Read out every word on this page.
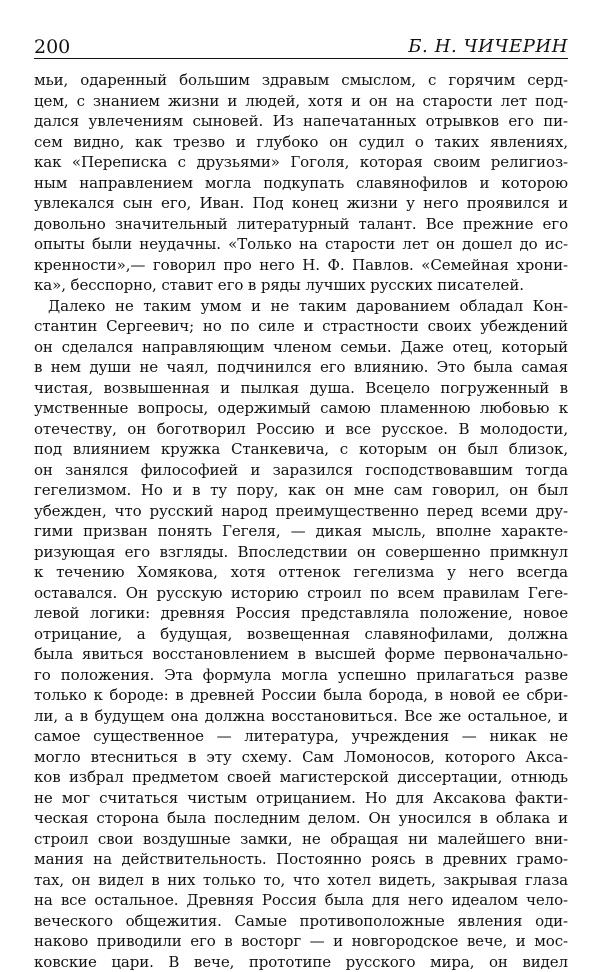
200	Б. Н. ЧИЧЕРИН
мьи, одаренный большим здравым смыслом, с горячим серд-
цем, с знанием жизни и людей, хотя и он на старости лет под-
дался увлечениям сыновей. Из напечатанных отрывков его пи-
сем видно, как трезво и глубоко он судил о таких явлениях,
как «Переписка с друзьями» Гоголя, которая своим религиоз-
ным направлением могла подкупать славянофилов и которою
увлекался сын его, Иван. Под конец жизни у него проявился и
довольно значительный литературный талант. Все прежние его
опыты были неудачны. «Только на старости лет он дошел до ис-
кренности»,— говорил про него Н. Ф. Павлов. «Семейная хрони-
ка», бесспорно, ставит его в ряды лучших русских писателей.
Далеко не таким умом и не таким дарованием обладал Кон-
стантин Сергеевич; но по силе и страстности своих убеждений
он сделался направляющим членом семьи. Даже отец, который
в нем души не чаял, подчинился его влиянию. Это была самая
чистая, возвышенная и пылкая душа. Всецело погруженный в
умственные вопросы, одержимый самою пламенною любовью к
отечеству, он боготворил Россию и все русское. В молодости,
под влиянием кружка Станкевича, с которым он был близок,
он занялся философией и заразился господствовавшим тогда
гегелизмом. Но и в ту пору, как он мне сам говорил, он был
убежден, что русский народ преимущественно перед всеми дру-
гими призван понять Гегеля, — дикая мысль, вполне характе-
ризующая его взгляды. Впоследствии он совершенно примкнул
к течению Хомякова, хотя оттенок гегелизма у него всегда
оставался. Он русскую историю строил по всем правилам Геге-
левой логики: древняя Россия представляла положение, новое
отрицание, а будущая, возвещенная славянофилами, должна
была явиться восстановлением в высшей форме первоначально-
го положения. Эта формула могла успешно прилагаться разве
только к бороде: в древней России была борода, в новой ее сбри-
ли, а в будущем она должна восстановиться. Все же остальное, и
самое существенное — литература, учреждения — никак не
могло втесниться в эту схему. Сам Ломоносов, которого Акса-
ков избрал предметом своей магистерской диссертации, отнюдь
не мог считаться чистым отрицанием. Но для Аксакова факти-
ческая сторона была последним делом. Он уносился в облака и
строил свои воздушные замки, не обращая ни малейшего вни-
мания на действительность. Постоянно роясь в древних грамо-
тах, он видел в них только то, что хотел видеть, закрывая глаза
на все остальное. Древняя Россия была для него идеалом чело-
веческого общежития. Самые противоположные явления оди-
наково приводили его в восторг — и новгородское вече, и мос-
ковские цари. В вече, прототипе русского мира, он видел
